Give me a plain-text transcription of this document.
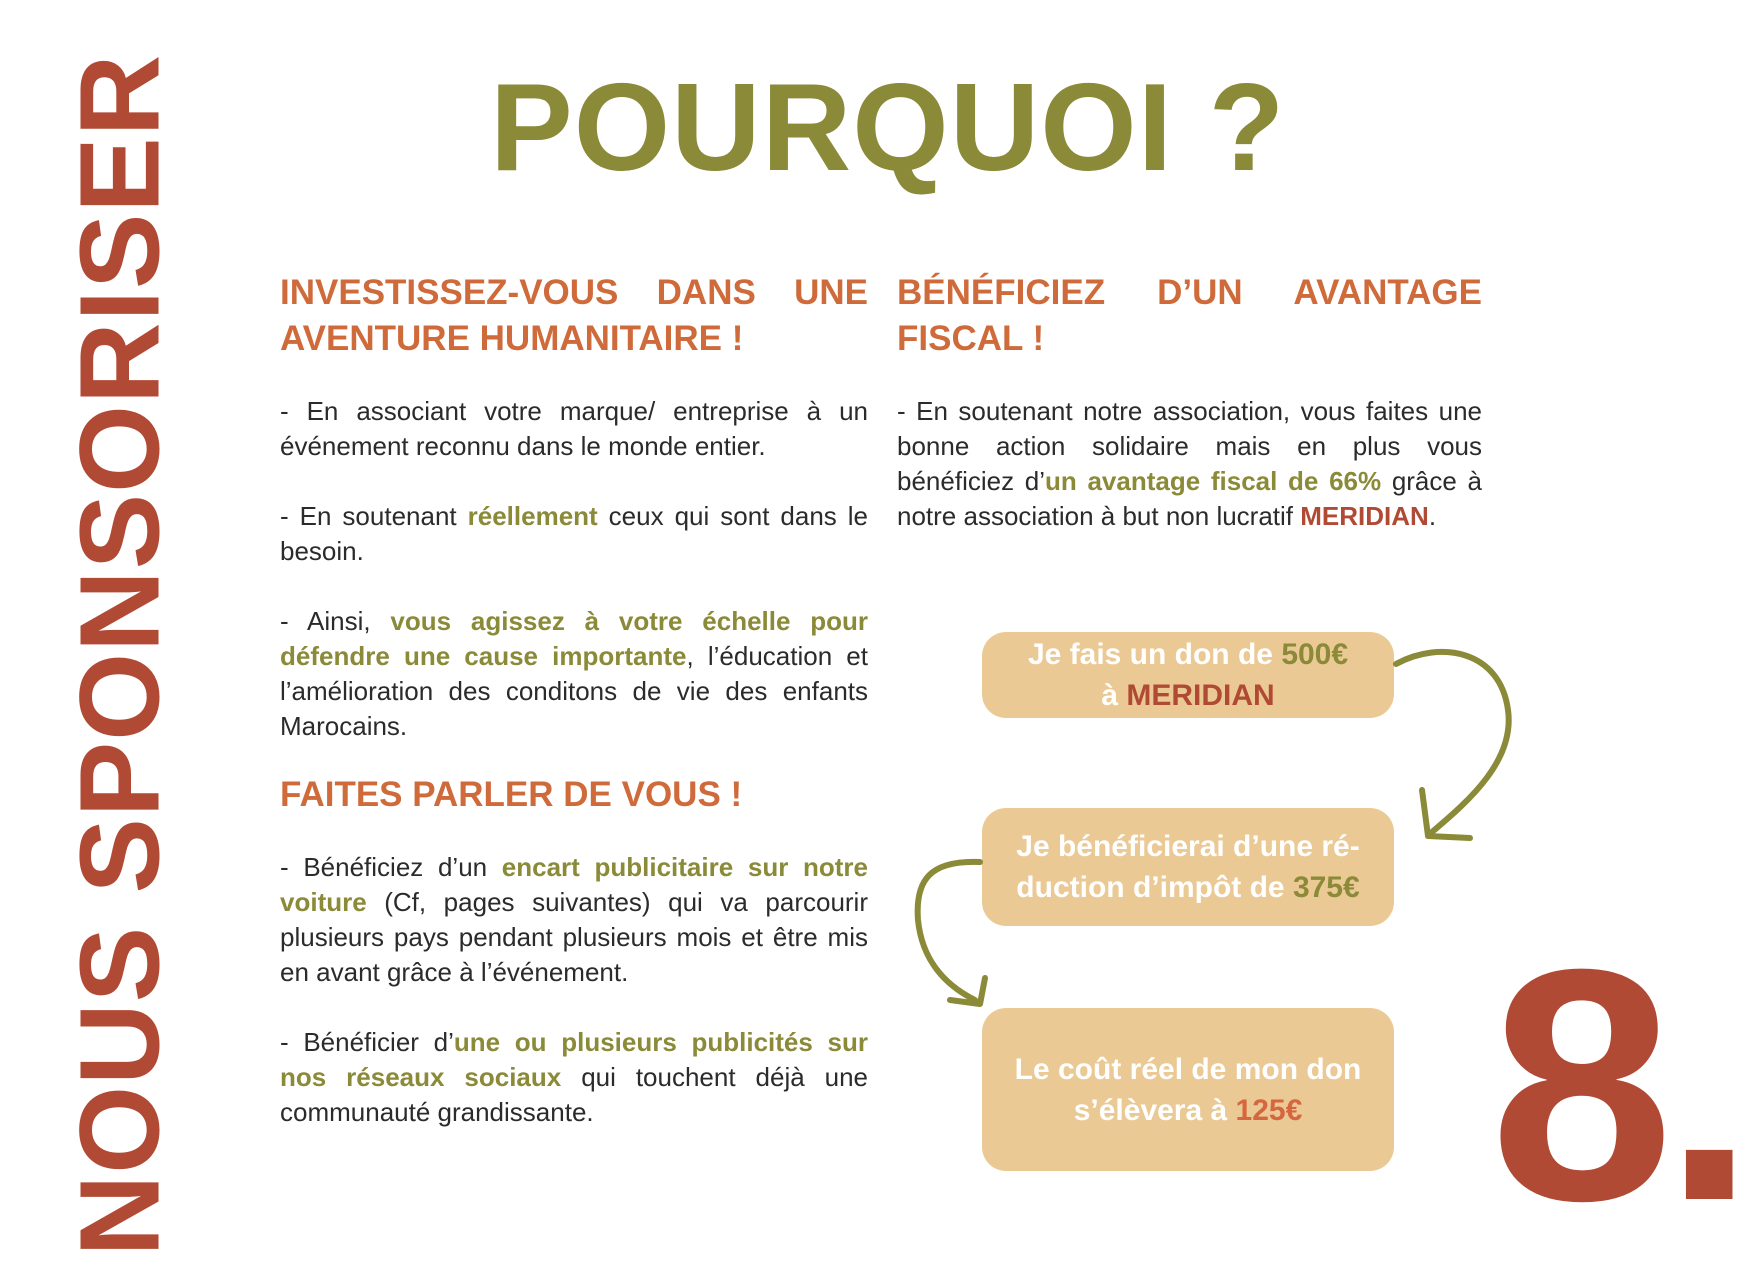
NOUS SPONSORISER POURQUOI ?
INVESTISSEZ-VOUS DANS UNE
AVENTURE HUMANITAIRE !

- En associant votre marque/ entreprise à un événement reconnu dans le monde entier.

- En soutenant réellement ceux qui sont dans le besoin.

- Ainsi, vous agissez à votre échelle pour défendre une cause importante, l’éducation et l’amélioration des conditons de vie des enfants Marocains.

FAITES PARLER DE VOUS !

- Bénéficiez d’un encart publicitaire sur notre voiture (Cf, pages suivantes) qui va parcourir plusieurs pays pendant plusieurs mois et être mis en avant grâce à l’événement.

- Bénéficier d’une ou plusieurs publicités sur nos réseaux sociaux qui touchent déjà une communauté grandissante.

BÉNÉFICIEZ D’UN AVANTAGE
FISCAL !

- En soutenant notre association, vous faites une bonne action solidaire mais en plus vous bénéficiez d’un avantage fiscal de 66% grâce à notre association à but non lucratif MERIDIAN.

Je fais un don de 500€
à MERIDIAN
Je bénéficierai d’une ré-
duction d’impôt de 375€
Le coût réel de mon don
s’élèvera à 125€ 8.
